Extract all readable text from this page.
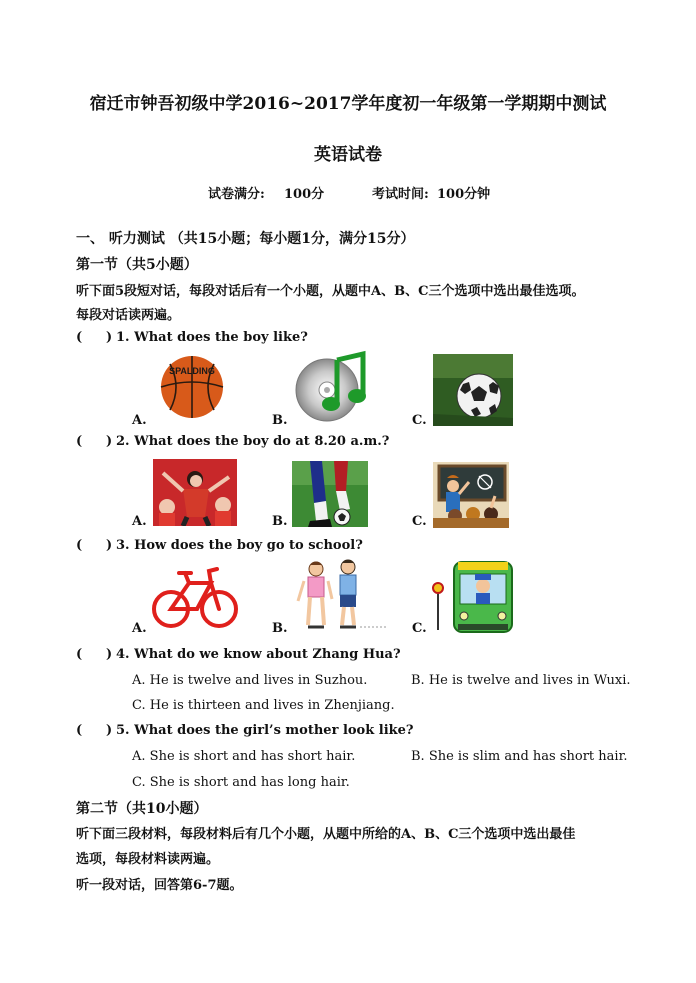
宿迁市钟吾初级中学2016~2017学年度初一年级第一学期期中测试
英语试卷
试卷满分: 100分	考试时间: 100分钟
一、 听力测试 （共15小题；每小题1分，满分15分）
第一节（共5小题）
听下面5段短对话，每段对话后有一个小题，从题中A、B、C三个选项中选出最佳选项。
每段对话读两遍。
( ) 1. What does the boy like?
A.
SPALDING
B.	C.
( ) 2. What does the boy do at 8.20 a.m.?
A.	B.	C.
( ) 3. How does the boy go to school?
A.	B.	C.
( ) 4. What do we know about Zhang Hua?
A. He is twelve and lives in Suzhou.	B. He is twelve and lives in Wuxi.
C. He is thirteen and lives in Zhenjiang.
( ) 5. What does the girl’s mother look like?
A. She is short and has short hair.	B. She is slim and has short hair.
C. She is short and has long hair.
第二节（共10小题）
听下面三段材料，每段材料后有几个小题，从题中所给的A、B、C三个选项中选出最佳
选项，每段材料读两遍。
听一段对话，回答第6-7题。
